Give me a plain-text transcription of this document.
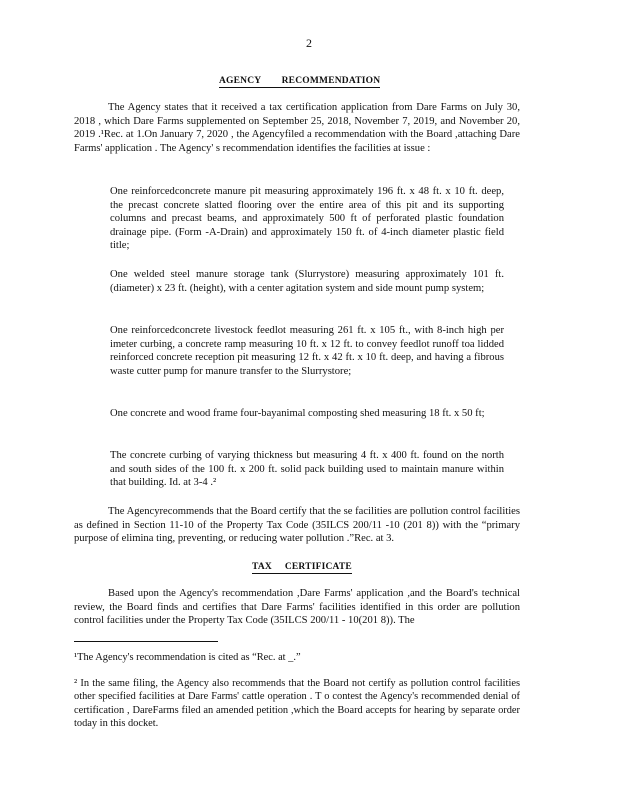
2
AGENCY        RECOMMENDATION

The Agency states that it received a tax certification application from Dare Farms on July 30, 2018 , which Dare Farms supplemented on September 25, 2018, November 7, 2019, and November 20, 2019 .¹Rec. at 1.On January 7, 2020 , the Agencyfiled a recommendation with the Board ,attaching Dare Farms' application . The Agency' s recommendation identifies the facilities at issue :

One reinforcedconcrete manure pit measuring approximately 196 ft. x 48 ft. x 10 ft. deep, the precast concrete slatted flooring over the entire area of this pit and its supporting columns and precast beams, and approximately 500 ft of perforated plastic foundation drainage pipe. (Form -A-Drain) and approximately 150 ft. of 4-inch diameter plastic field title;

One welded steel manure storage tank (Slurrystore) measuring approximately 101 ft. (diameter) x 23 ft. (height), with a center agitation system and side mount pump system;

One reinforcedconcrete livestock feedlot measuring 261 ft. x 105 ft., with 8-inch high per imeter curbing, a concrete ramp measuring 10 ft. x 12 ft. to convey feedlot runoff toa lidded reinforced concrete reception pit measuring 12 ft. x 42 ft. x 10 ft. deep, and having a fibrous waste cutter pump for manure transfer to the Slurrystore;

One concrete and wood frame four-bayanimal composting shed measuring 18 ft. x 50 ft;

The concrete curbing of varying thickness but measuring 4 ft. x 400 ft. found on the north and south sides of the 100 ft. x 200 ft. solid pack building used to maintain manure within that building. Id. at 3-4 .²

The Agencyrecommends that the Board certify that the se facilities are pollution control facilities as defined in Section 11-10 of the Property Tax Code (35ILCS 200/11 -10 (201 8)) with the “primary purpose of elimina ting, preventing, or reducing water pollution .”Rec. at 3.

TAX     CERTIFICATE

Based upon the Agency's recommendation ,Dare Farms' application ,and the Board's technical review, the Board finds and certifies that Dare Farms' facilities identified in this order are pollution control facilities under the Property Tax Code (35ILCS 200/11 - 10(201 8)). The

¹The Agency's recommendation is cited as “Rec. at _.”

² In the same filing, the Agency also recommends that the Board not certify as pollution control facilities other specified facilities at Dare Farms' cattle operation . T o contest the Agency's recommended denial of certification , DareFarms filed an amended petition ,which the Board accepts for hearing by separate order today in this docket.
